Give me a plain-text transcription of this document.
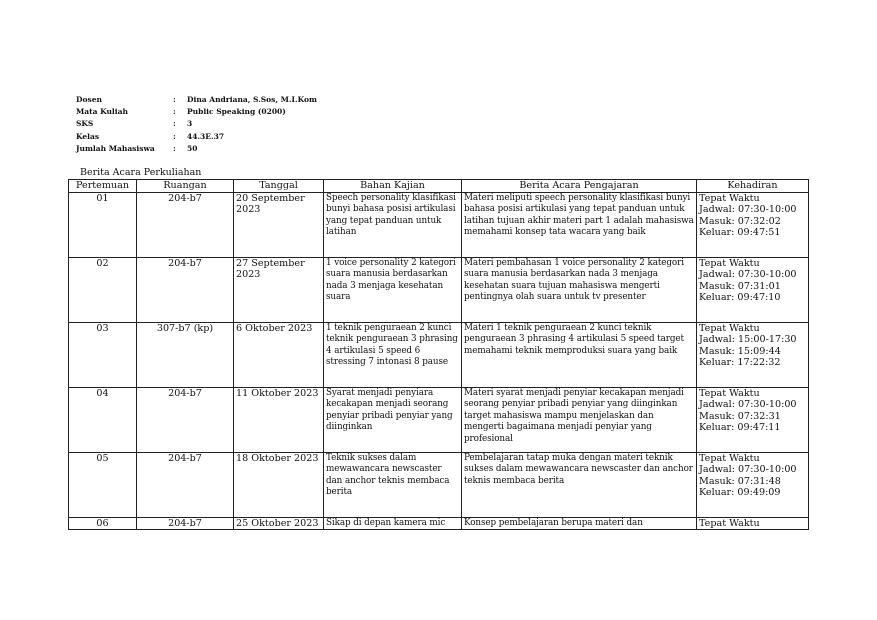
Dosen	:	Dina Andriana, S.Sos, M.I.Kom
Mata Kuliah	:	Public Speaking (0200)
SKS	:	3
Kelas	:	44.3E.37
Jumlah Mahasiswa	:	50
Berita Acara Perkuliahan
Pertemuan	Ruangan	Tanggal	Bahan Kajian	Berita Acara Pengajaran	Kehadiran
01	204-b7	20 September 2023	Speech personality klasifikasi bunyi bahasa posisi artikulasi yang tepat panduan untuk latihan	Materi meliputi speech personality klasifikasi bunyi bahasa posisi artikulasi yang tepat panduan untuk latihan tujuan akhir materi part 1 adalah mahasiswa memahami konsep tata wacara yang baik	Tepat Waktu
Jadwal: 07:30-10:00
Masuk: 07:32:02
Keluar: 09:47:51

02	204-b7	27 September 2023	1 voice personality 2 kategori suara manusia berdasarkan nada 3 menjaga kesehatan suara	Materi pembahasan 1 voice personality 2 kategori suara manusia berdasarkan nada 3 menjaga kesehatan suara tujuan mahasiswa mengerti pentingnya olah suara untuk tv presenter	Tepat Waktu
Jadwal: 07:30-10:00
Masuk: 07:31:01
Keluar: 09:47:10

03	307-b7 (kp)	6 Oktober 2023	1 teknik penguraean 2 kunci teknik penguraean 3 phrasing 4 artikulasi 5 speed 6 stressing 7 intonasi 8 pause	Materi 1 teknik penguraean 2 kunci teknik penguraean 3 phrasing 4 artikulasi 5 speed target memahami teknik memproduksi suara yang baik	Tepat Waktu
Jadwal: 15:00-17:30
Masuk: 15:09:44
Keluar: 17:22:32

04	204-b7	11 Oktober 2023	Syarat menjadi penyiara kecakapan menjadi seorang penyiar pribadi penyiar yang diinginkan	Materi syarat menjadi penyiar kecakapan menjadi seorang penyiar pribadi penyiar yang diinginkan target mahasiswa mampu menjelaskan dan mengerti bagaimana menjadi penyiar yang profesional	Tepat Waktu
Jadwal: 07:30-10:00
Masuk: 07:32:31
Keluar: 09:47:11

05	204-b7	18 Oktober 2023	Teknik sukses dalam mewawancara newscaster dan anchor teknis membaca berita	Pembelajaran tatap muka dengan materi teknik sukses dalam mewawancara newscaster dan anchor teknis membaca berita	Tepat Waktu
Jadwal: 07:30-10:00
Masuk: 07:31:48
Keluar: 09:49:09

06	204-b7	25 Oktober 2023	Sikap di depan kamera mic	Konsep pembelajaran berupa materi dan	Tepat Waktu
